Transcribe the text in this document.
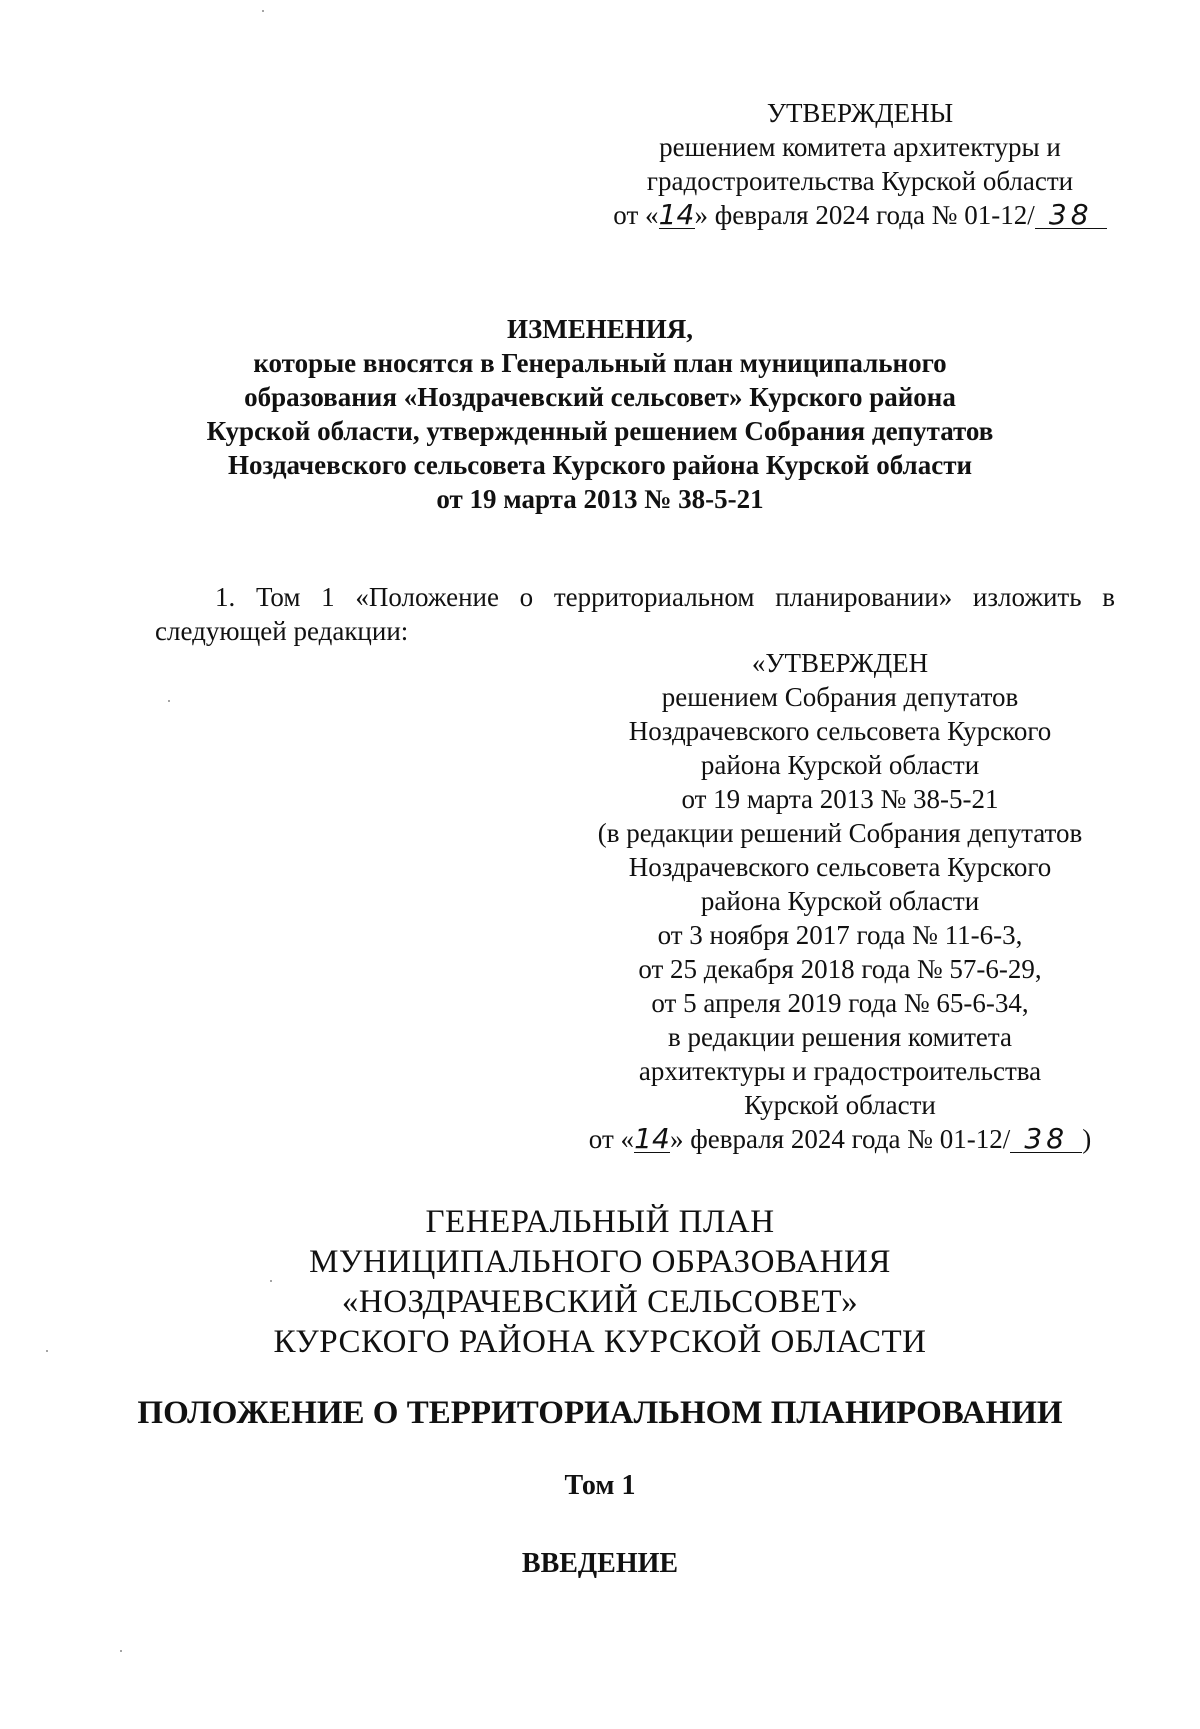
УТВЕРЖДЕНЫ
решением комитета архитектуры и
градостроительства Курской области
от «14» февраля 2024 года № 01-12/ 38
ИЗМЕНЕНИЯ,
которые вносятся в Генеральный план муниципального
образования «Ноздрачевский сельсовет» Курского района
Курской области, утвержденный решением Собрания депутатов
Ноздачевского сельсовета Курского района Курской области
от 19 марта 2013 № 38-5-21
1. Том 1 «Положение о территориальном планировании» изложить в
следующей редакции:
«УТВЕРЖДЕН
решением Собрания депутатов
Ноздрачевского сельсовета Курского
района Курской области
от 19 марта 2013 № 38-5-21
(в редакции решений Собрания депутатов
Ноздрачевского сельсовета Курского
района Курской области
от 3 ноября 2017 года № 11-6-3,
от 25 декабря 2018 года № 57-6-29,
от 5 апреля 2019 года № 65-6-34,
в редакции решения комитета
архитектуры и градостроительства
Курской области
от «14» февраля 2024 года № 01-12/ 38 )
ГЕНЕРАЛЬНЫЙ ПЛАН
МУНИЦИПАЛЬНОГО ОБРАЗОВАНИЯ
«НОЗДРАЧЕВСКИЙ СЕЛЬСОВЕТ»
КУРСКОГО РАЙОНА КУРСКОЙ ОБЛАСТИ
ПОЛОЖЕНИЕ О ТЕРРИТОРИАЛЬНОМ ПЛАНИРОВАНИИ
Том 1
ВВЕДЕНИЕ
